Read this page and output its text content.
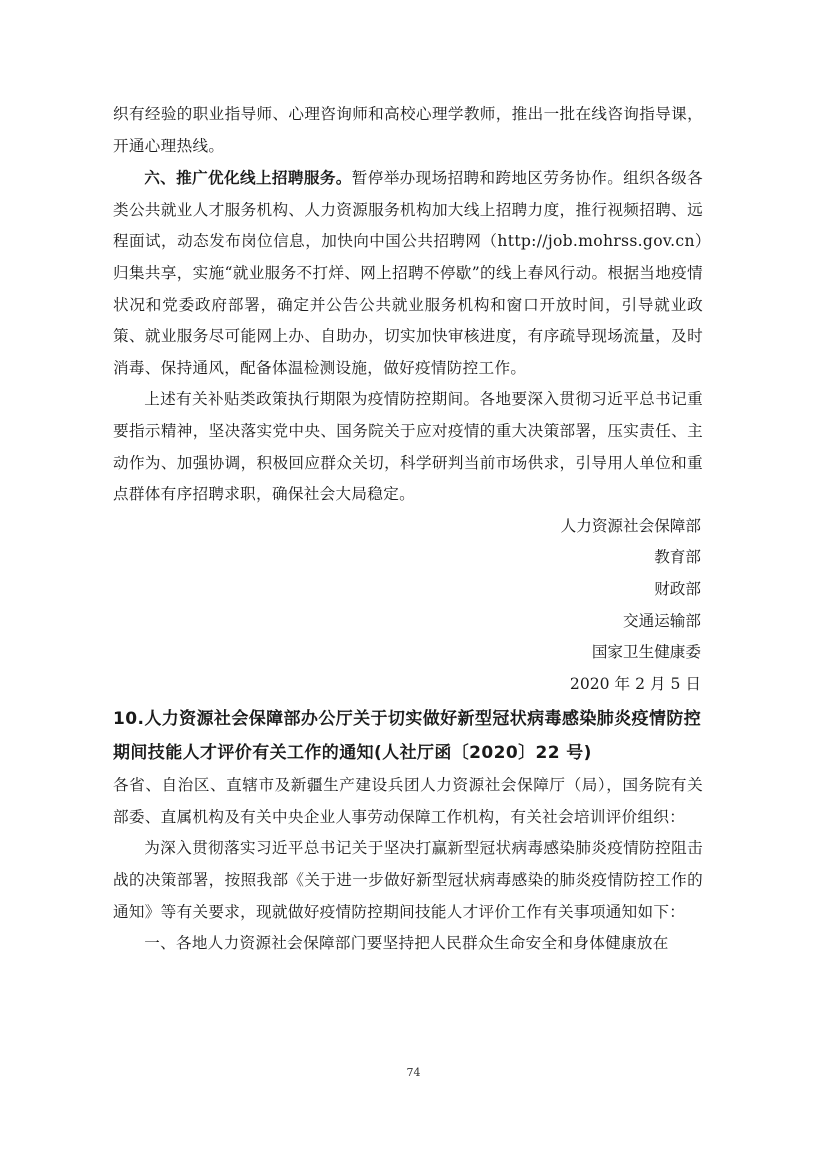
织有经验的职业指导师、心理咨询师和高校心理学教师，推出一批在线咨询指导课，开通心理热线。

六、推广优化线上招聘服务。暂停举办现场招聘和跨地区劳务协作。组织各级各类公共就业人才服务机构、人力资源服务机构加大线上招聘力度，推行视频招聘、远程面试，动态发布岗位信息，加快向中国公共招聘网（http://job.mohrss.gov.cn）归集共享，实施“就业服务不打烊、网上招聘不停歇”的线上春风行动。根据当地疫情状况和党委政府部署，确定并公告公共就业服务机构和窗口开放时间，引导就业政策、就业服务尽可能网上办、自助办，切实加快审核进度，有序疏导现场流量，及时消毒、保持通风，配备体温检测设施，做好疫情防控工作。

上述有关补贴类政策执行期限为疫情防控期间。各地要深入贯彻习近平总书记重要指示精神，坚决落实党中央、国务院关于应对疫情的重大决策部署，压实责任、主动作为、加强协调，积极回应群众关切，科学研判当前市场供求，引导用人单位和重点群体有序招聘求职，确保社会大局稳定。

人力资源社会保障部
教育部
财政部
交通运输部
国家卫生健康委
2020 年 2 月 5 日
10.人力资源社会保障部办公厅关于切实做好新型冠状病毒感染肺炎疫情防控期间技能人才评价有关工作的通知(人社厅函〔2020〕22 号)

各省、自治区、直辖市及新疆生产建设兵团人力资源社会保障厅（局），国务院有关部委、直属机构及有关中央企业人事劳动保障工作机构，有关社会培训评价组织：

为深入贯彻落实习近平总书记关于坚决打赢新型冠状病毒感染肺炎疫情防控阻击战的决策部署，按照我部《关于进一步做好新型冠状病毒感染的肺炎疫情防控工作的通知》等有关要求，现就做好疫情防控期间技能人才评价工作有关事项通知如下：

一、各地人力资源社会保障部门要坚持把人民群众生命安全和身体健康放在

74
